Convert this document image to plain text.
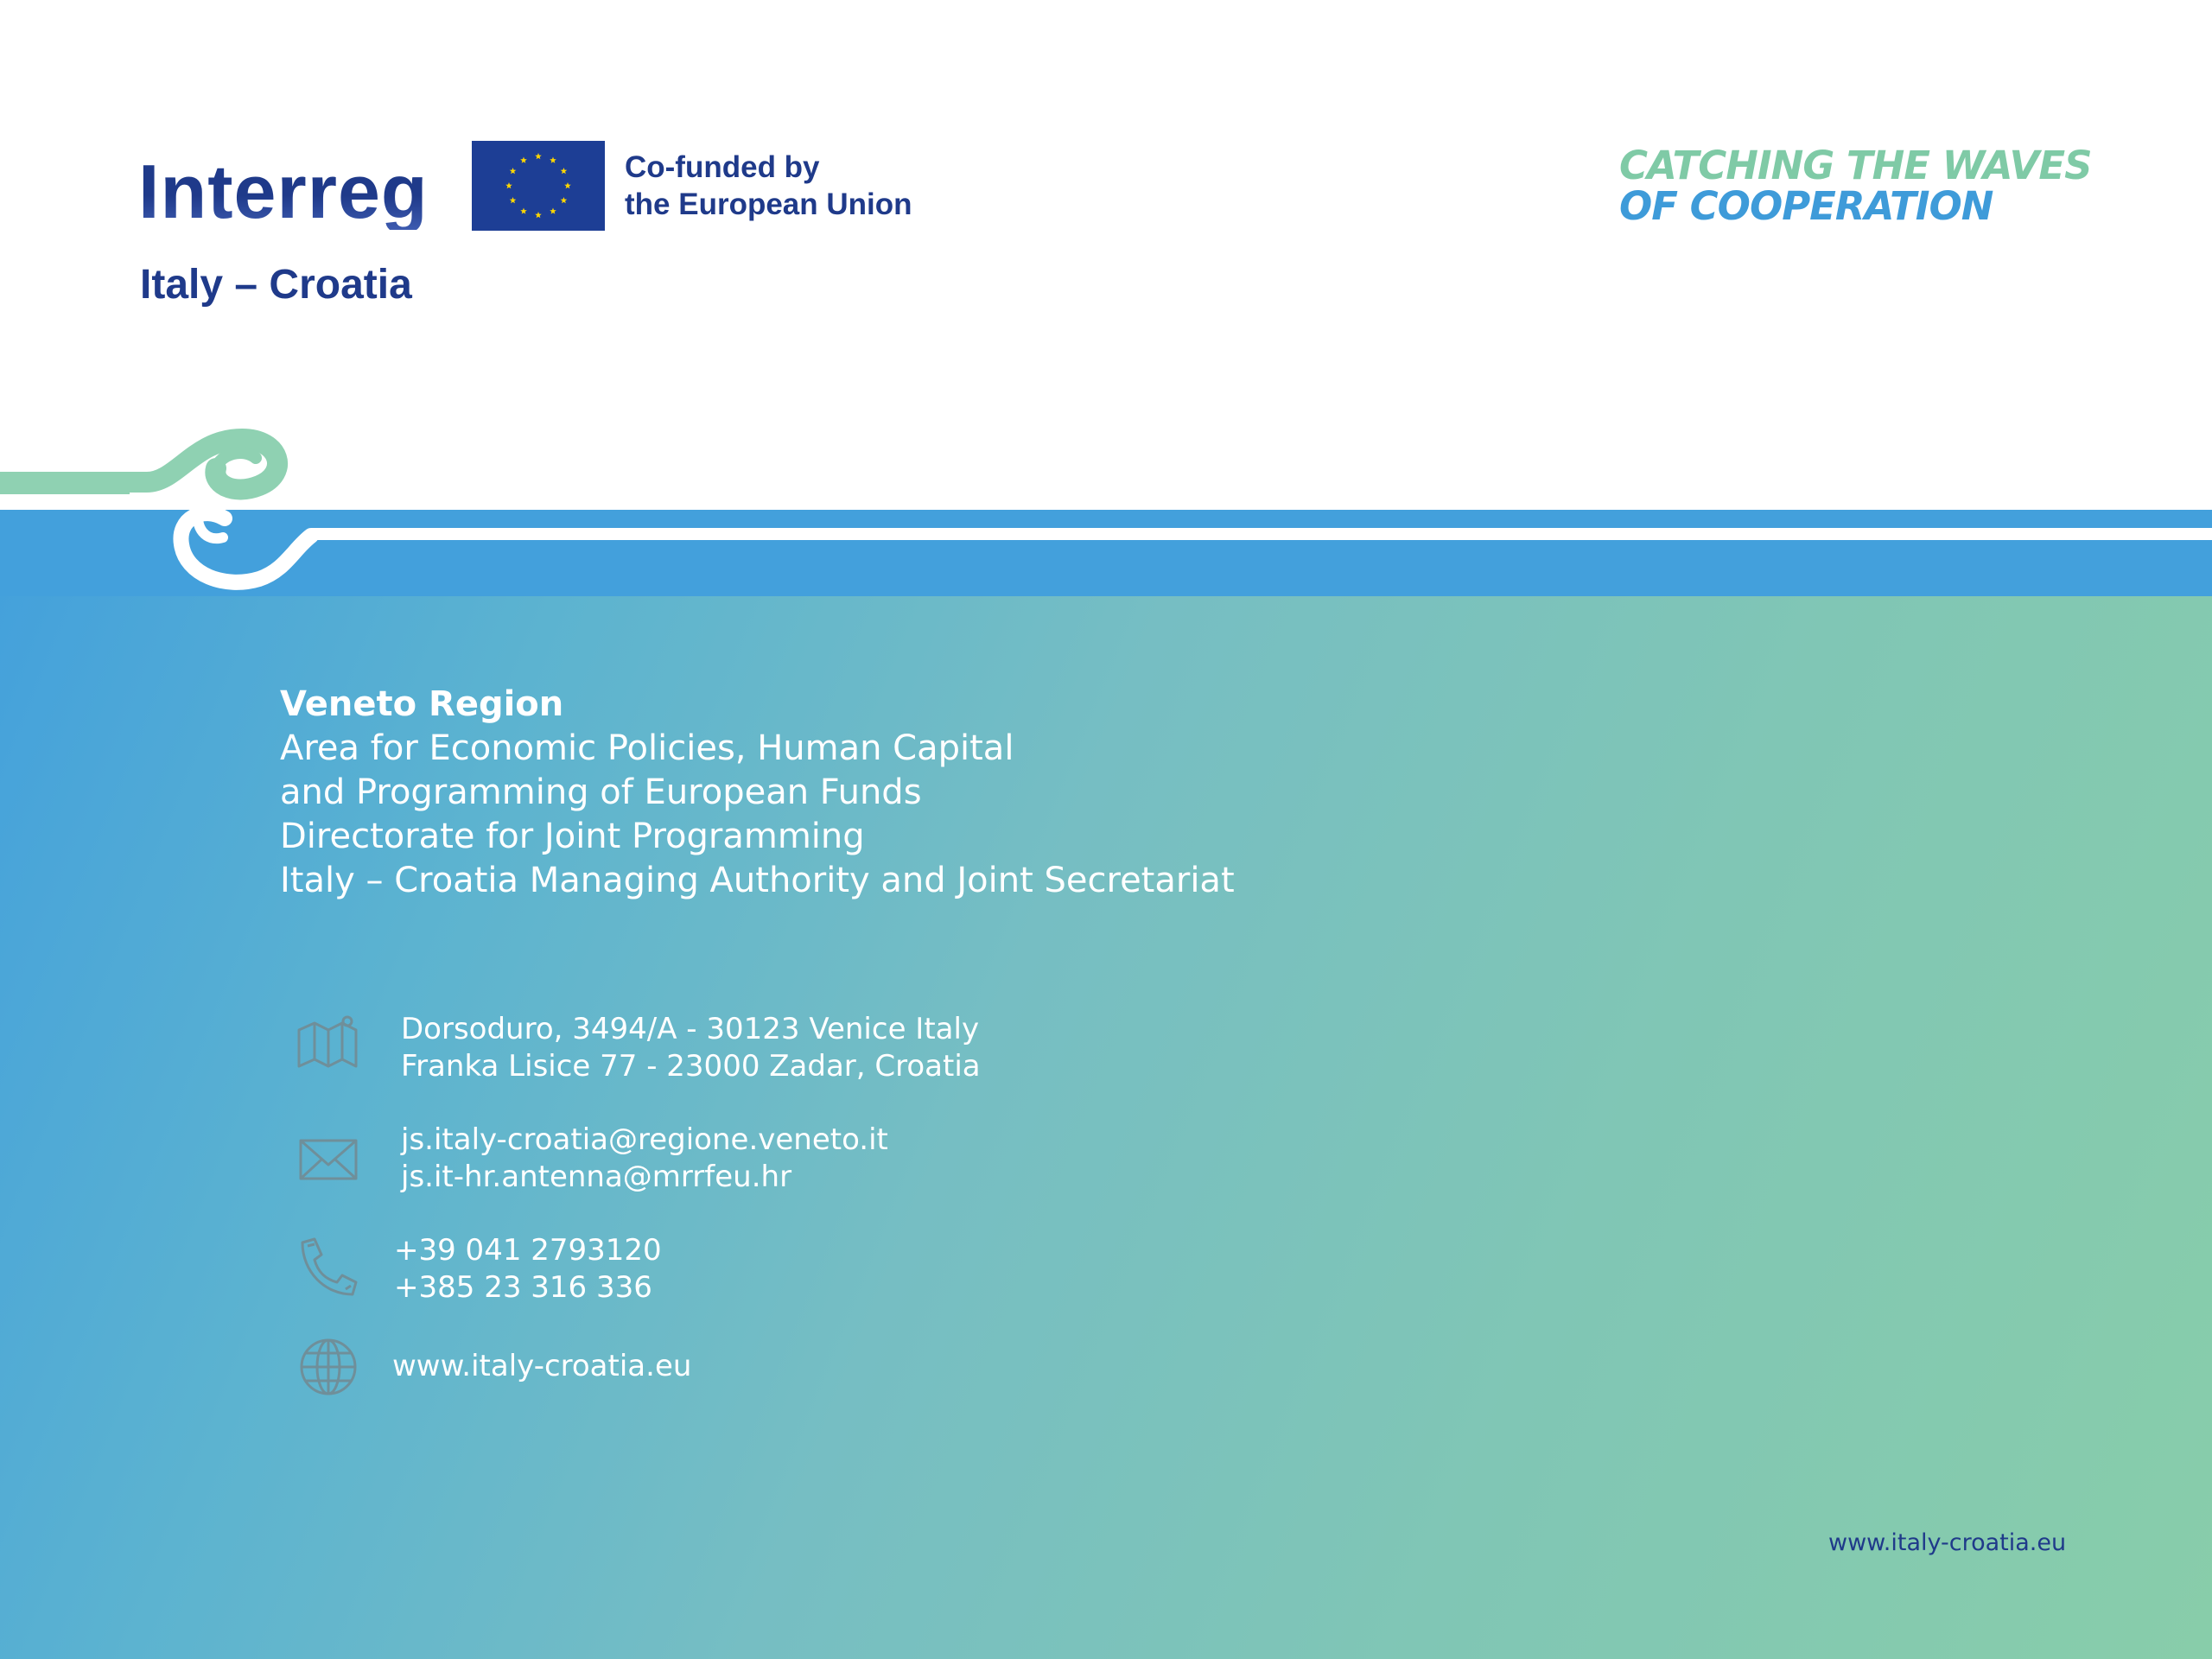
Interreg
Italy – Croatia
Co-funded by
the European Union
CATCHING THE WAVES
OF COOPERATION
Veneto Region
Area for Economic Policies, Human Capital
and Programming of European Funds
Directorate for Joint Programming
Italy – Croatia Managing Authority and Joint Secretariat
Dorsoduro, 3494/A - 30123 Venice Italy
Franka Lisice 77 - 23000 Zadar, Croatia
js.italy-croatia@regione.veneto.it
js.it-hr.antenna@mrrfeu.hr
+39 041 2793120
+385 23 316 336
www.italy-croatia.eu
www.italy-croatia.eu
